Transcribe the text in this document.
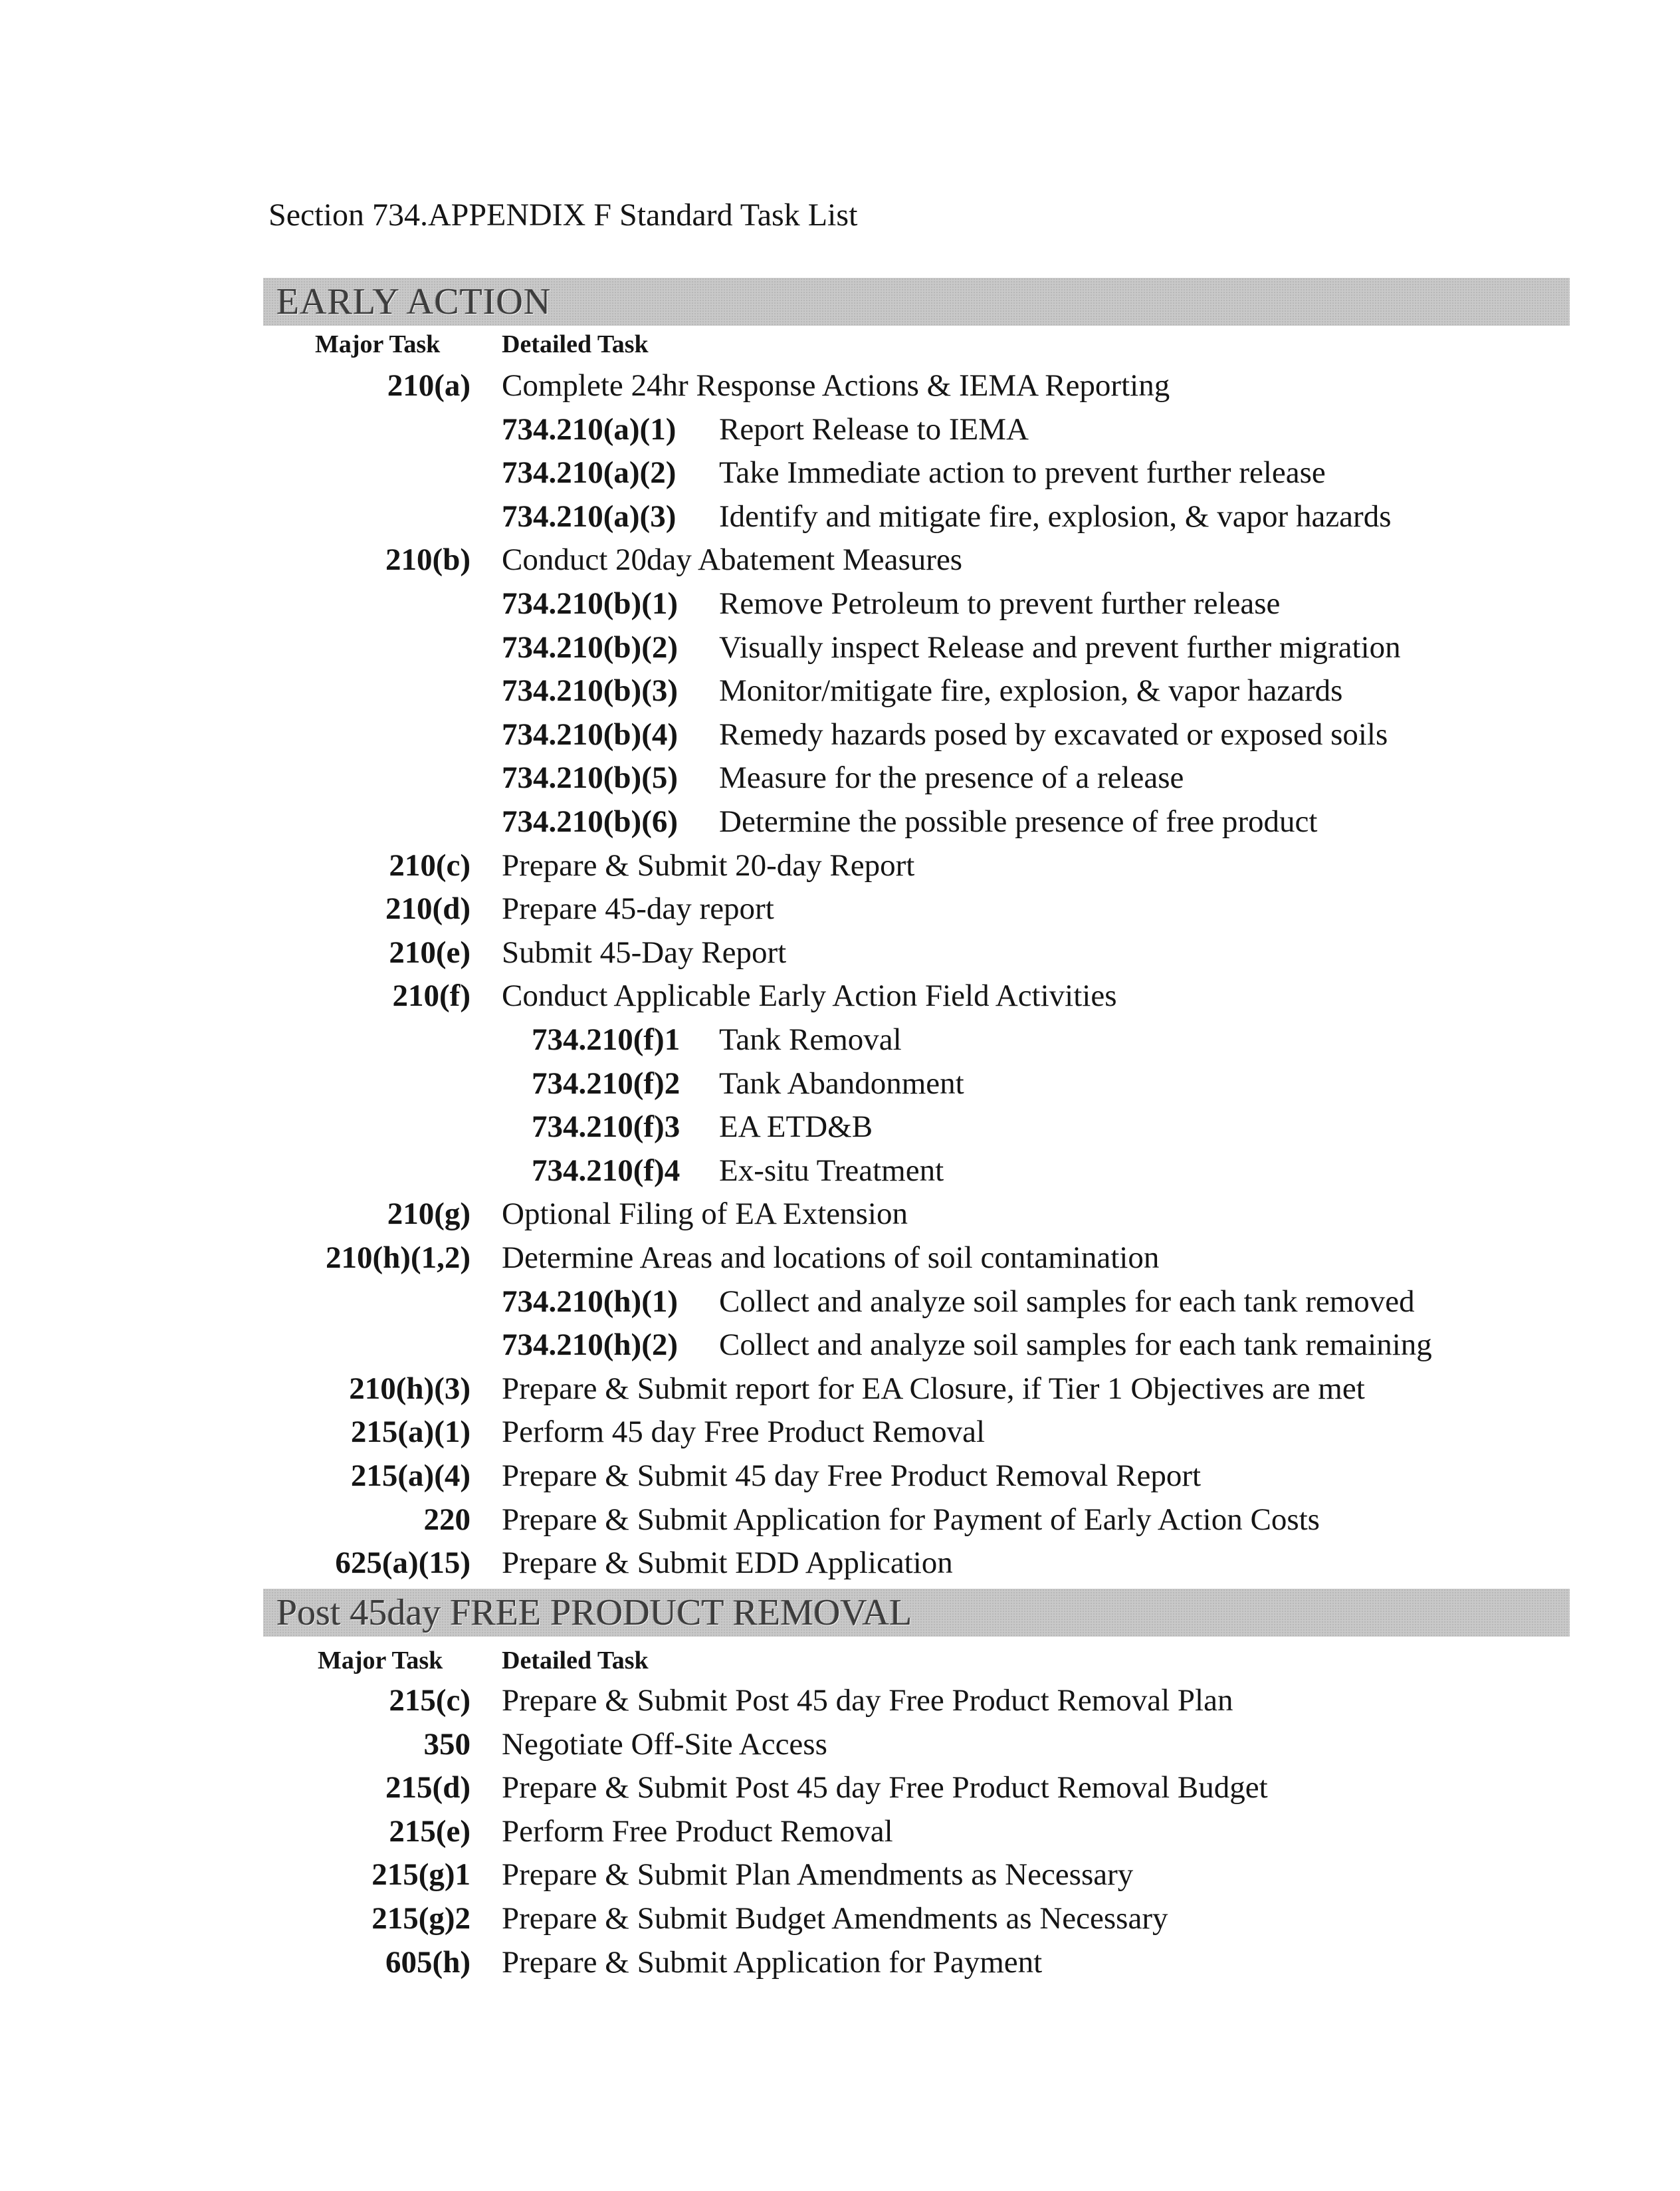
Section 734.APPENDIX F Standard Task List
EARLY ACTION
Major Task Detailed Task
210(a) Complete 24hr Response Actions & IEMA Reporting
734.210(a)(1) Report Release to IEMA
734.210(a)(2) Take Immediate action to prevent further release
734.210(a)(3) Identify and mitigate fire, explosion, & vapor hazards
210(b) Conduct 20day Abatement Measures
734.210(b)(1) Remove Petroleum to prevent further release
734.210(b)(2) Visually inspect Release and prevent further migration
734.210(b)(3) Monitor/mitigate fire, explosion, & vapor hazards
734.210(b)(4) Remedy hazards posed by excavated or exposed soils
734.210(b)(5) Measure for the presence of a release
734.210(b)(6) Determine the possible presence of free product
210(c) Prepare & Submit 20-day Report
210(d) Prepare 45-day report
210(e) Submit 45-Day Report
210(f) Conduct Applicable Early Action Field Activities
734.210(f)1 Tank Removal
734.210(f)2 Tank Abandonment
734.210(f)3 EA ETD&B
734.210(f)4 Ex-situ Treatment
210(g) Optional Filing of EA Extension
210(h)(1,2) Determine Areas and locations of soil contamination
734.210(h)(1) Collect and analyze soil samples for each tank removed
734.210(h)(2) Collect and analyze soil samples for each tank remaining
210(h)(3) Prepare & Submit report for EA Closure, if Tier 1 Objectives are met
215(a)(1) Perform 45 day Free Product Removal
215(a)(4) Prepare & Submit 45 day Free Product Removal Report
220 Prepare & Submit Application for Payment of Early Action Costs
625(a)(15) Prepare & Submit EDD Application
Post 45day FREE PRODUCT REMOVAL
Major Task Detailed Task
215(c) Prepare & Submit Post 45 day Free Product Removal Plan
350 Negotiate Off-Site Access
215(d) Prepare & Submit Post 45 day Free Product Removal Budget
215(e) Perform Free Product Removal
215(g)1 Prepare & Submit Plan Amendments as Necessary
215(g)2 Prepare & Submit Budget Amendments as Necessary
605(h) Prepare & Submit Application for Payment
